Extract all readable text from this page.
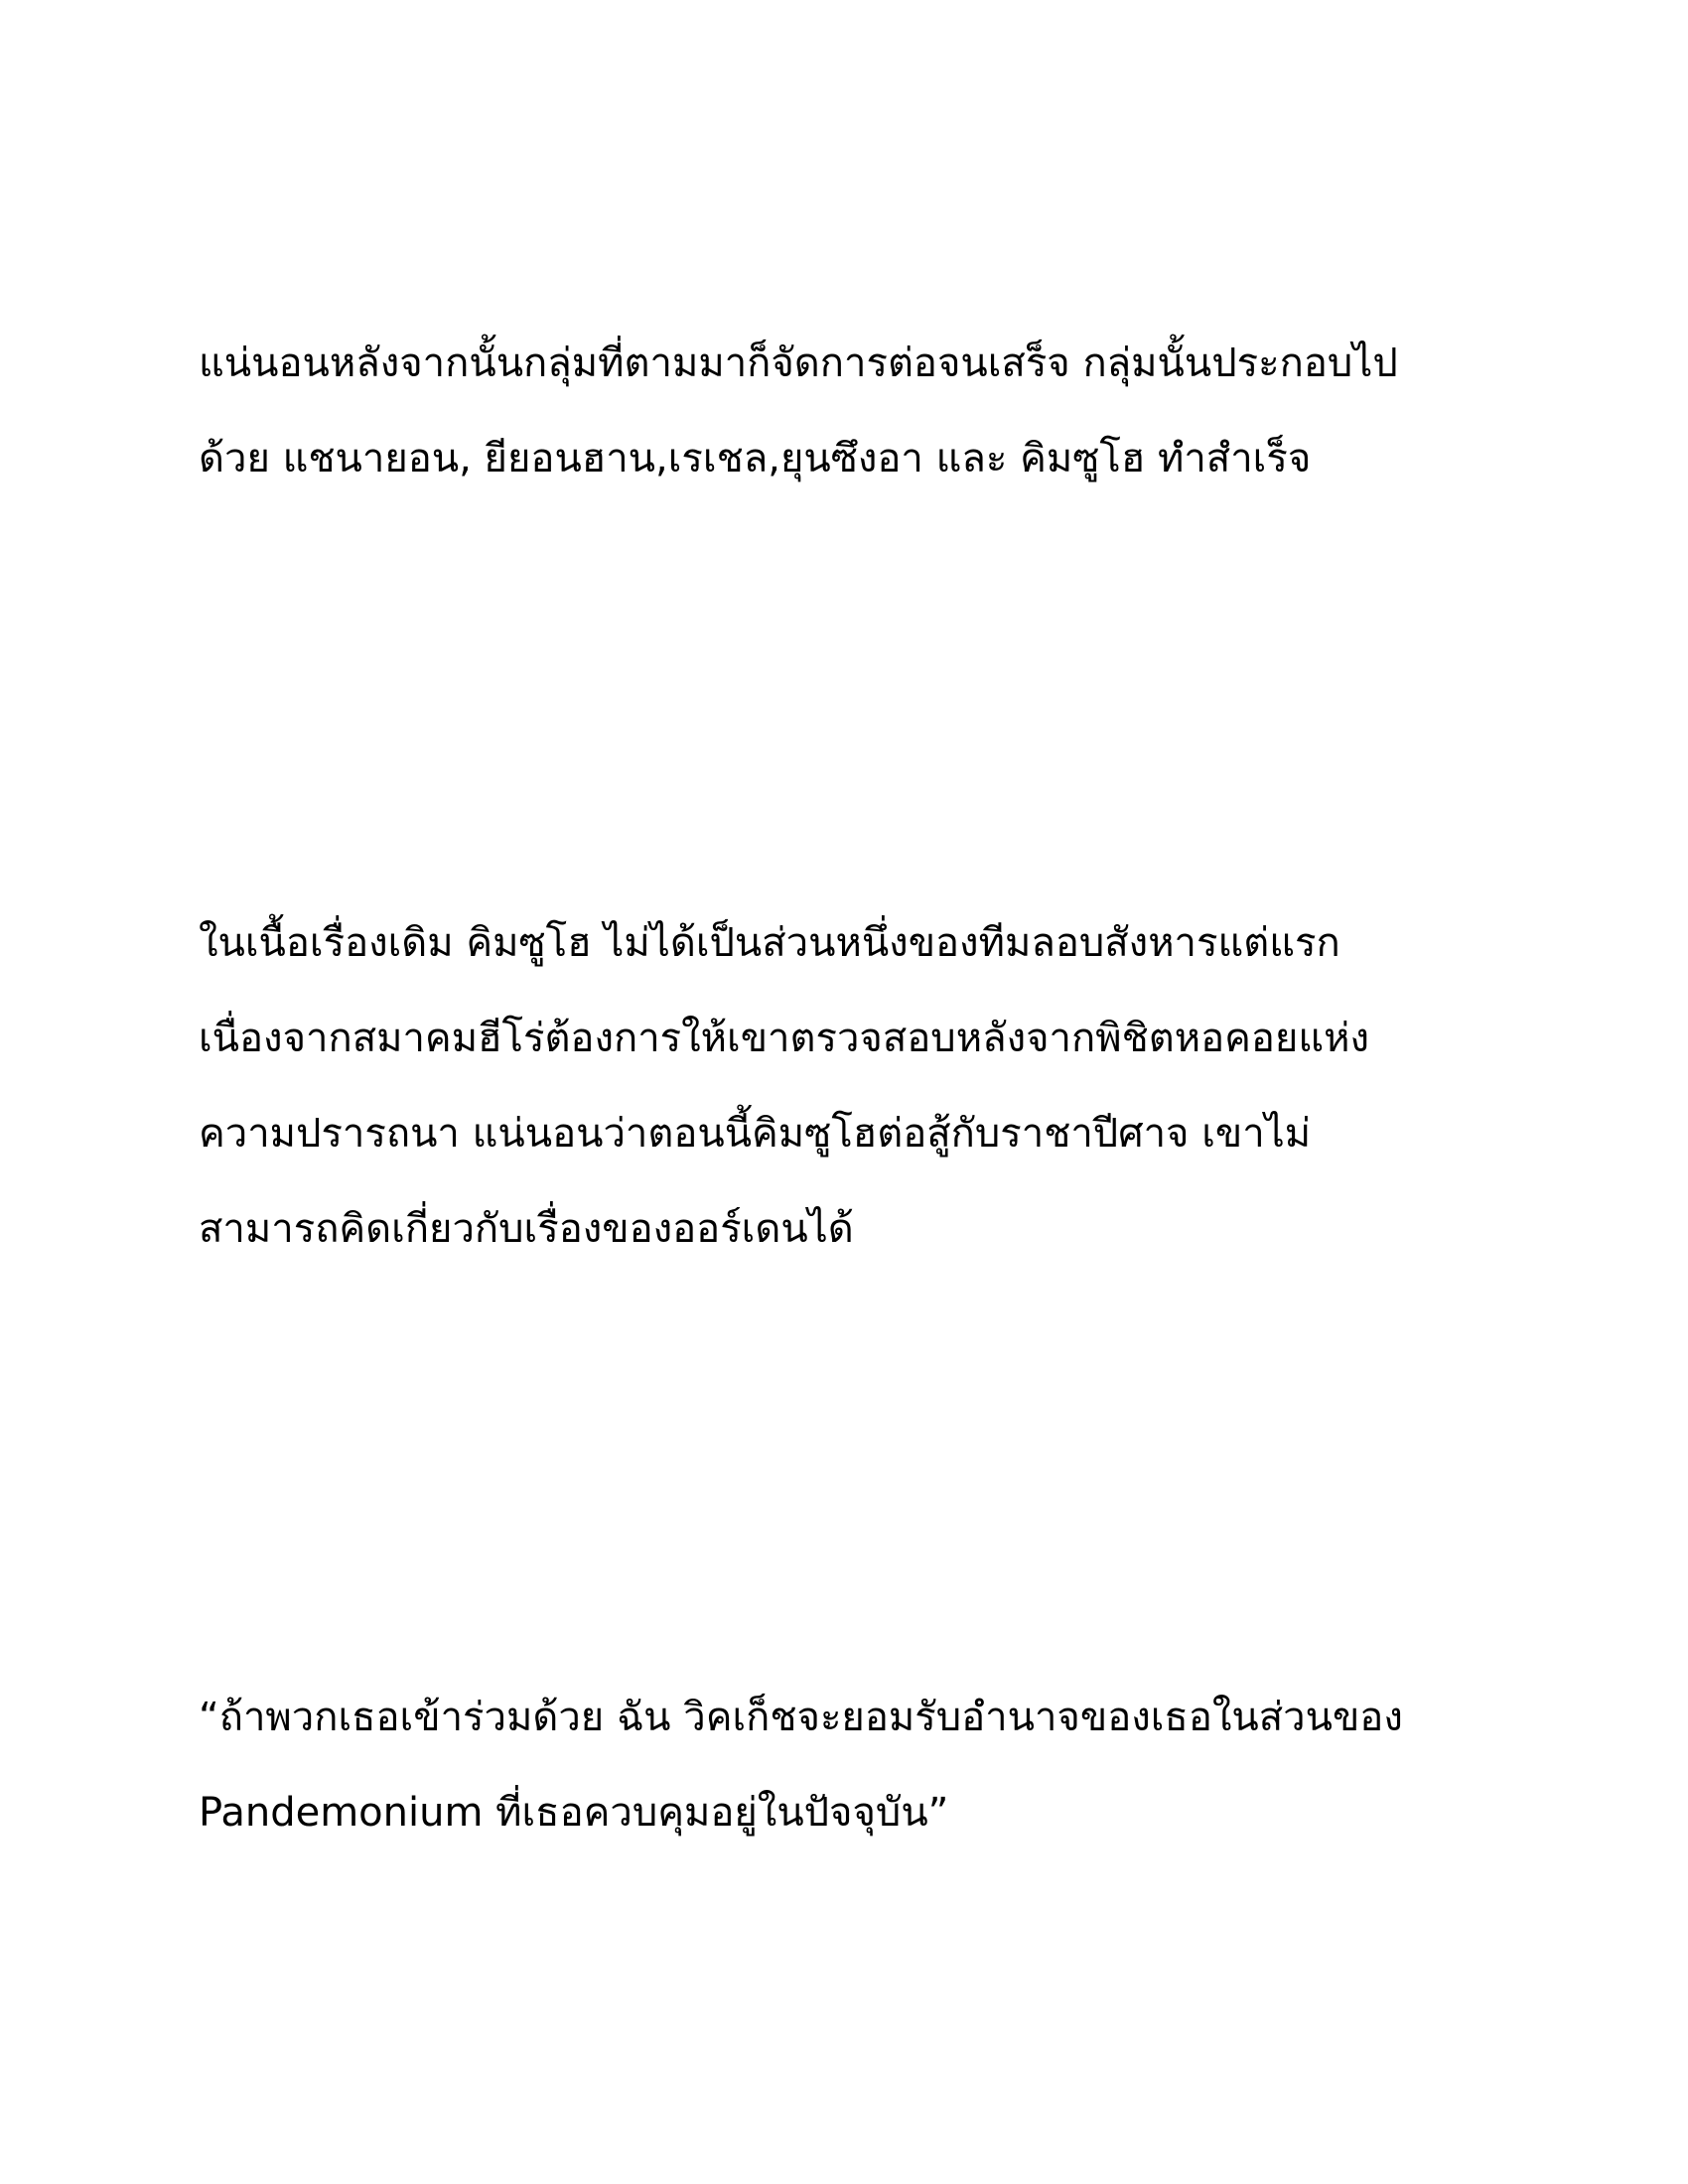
แน่นอนหลังจากนั้นกลุ่มที่ตามมาก็จัดการต่อจนเสร็จ กลุ่มนั้นประกอบไป
ด้วย แชนายอน, ยียอนฮาน,เรเชล,ยุนซึงอา และ คิมซูโฮ ทำสำเร็จ

ในเนื้อเรื่องเดิม คิมซูโฮ ไม่ได้เป็นส่วนหนึ่งของทีมลอบสังหารแต่แรก
เนื่องจากสมาคมฮีโร่ต้องการให้เขาตรวจสอบหลังจากพิชิตหอคอยแห่ง
ความปรารถนา แน่นอนว่าตอนนี้คิมซูโฮต่อสู้กับราชาปีศาจ เขาไม่
สามารถคิดเกี่ยวกับเรื่องของออร์เดนได้

“ถ้าพวกเธอเข้าร่วมด้วย ฉัน วิคเก็ชจะยอมรับอำนาจของเธอในส่วนของ
Pandemonium ที่เธอควบคุมอยู่ในปัจจุบัน”
